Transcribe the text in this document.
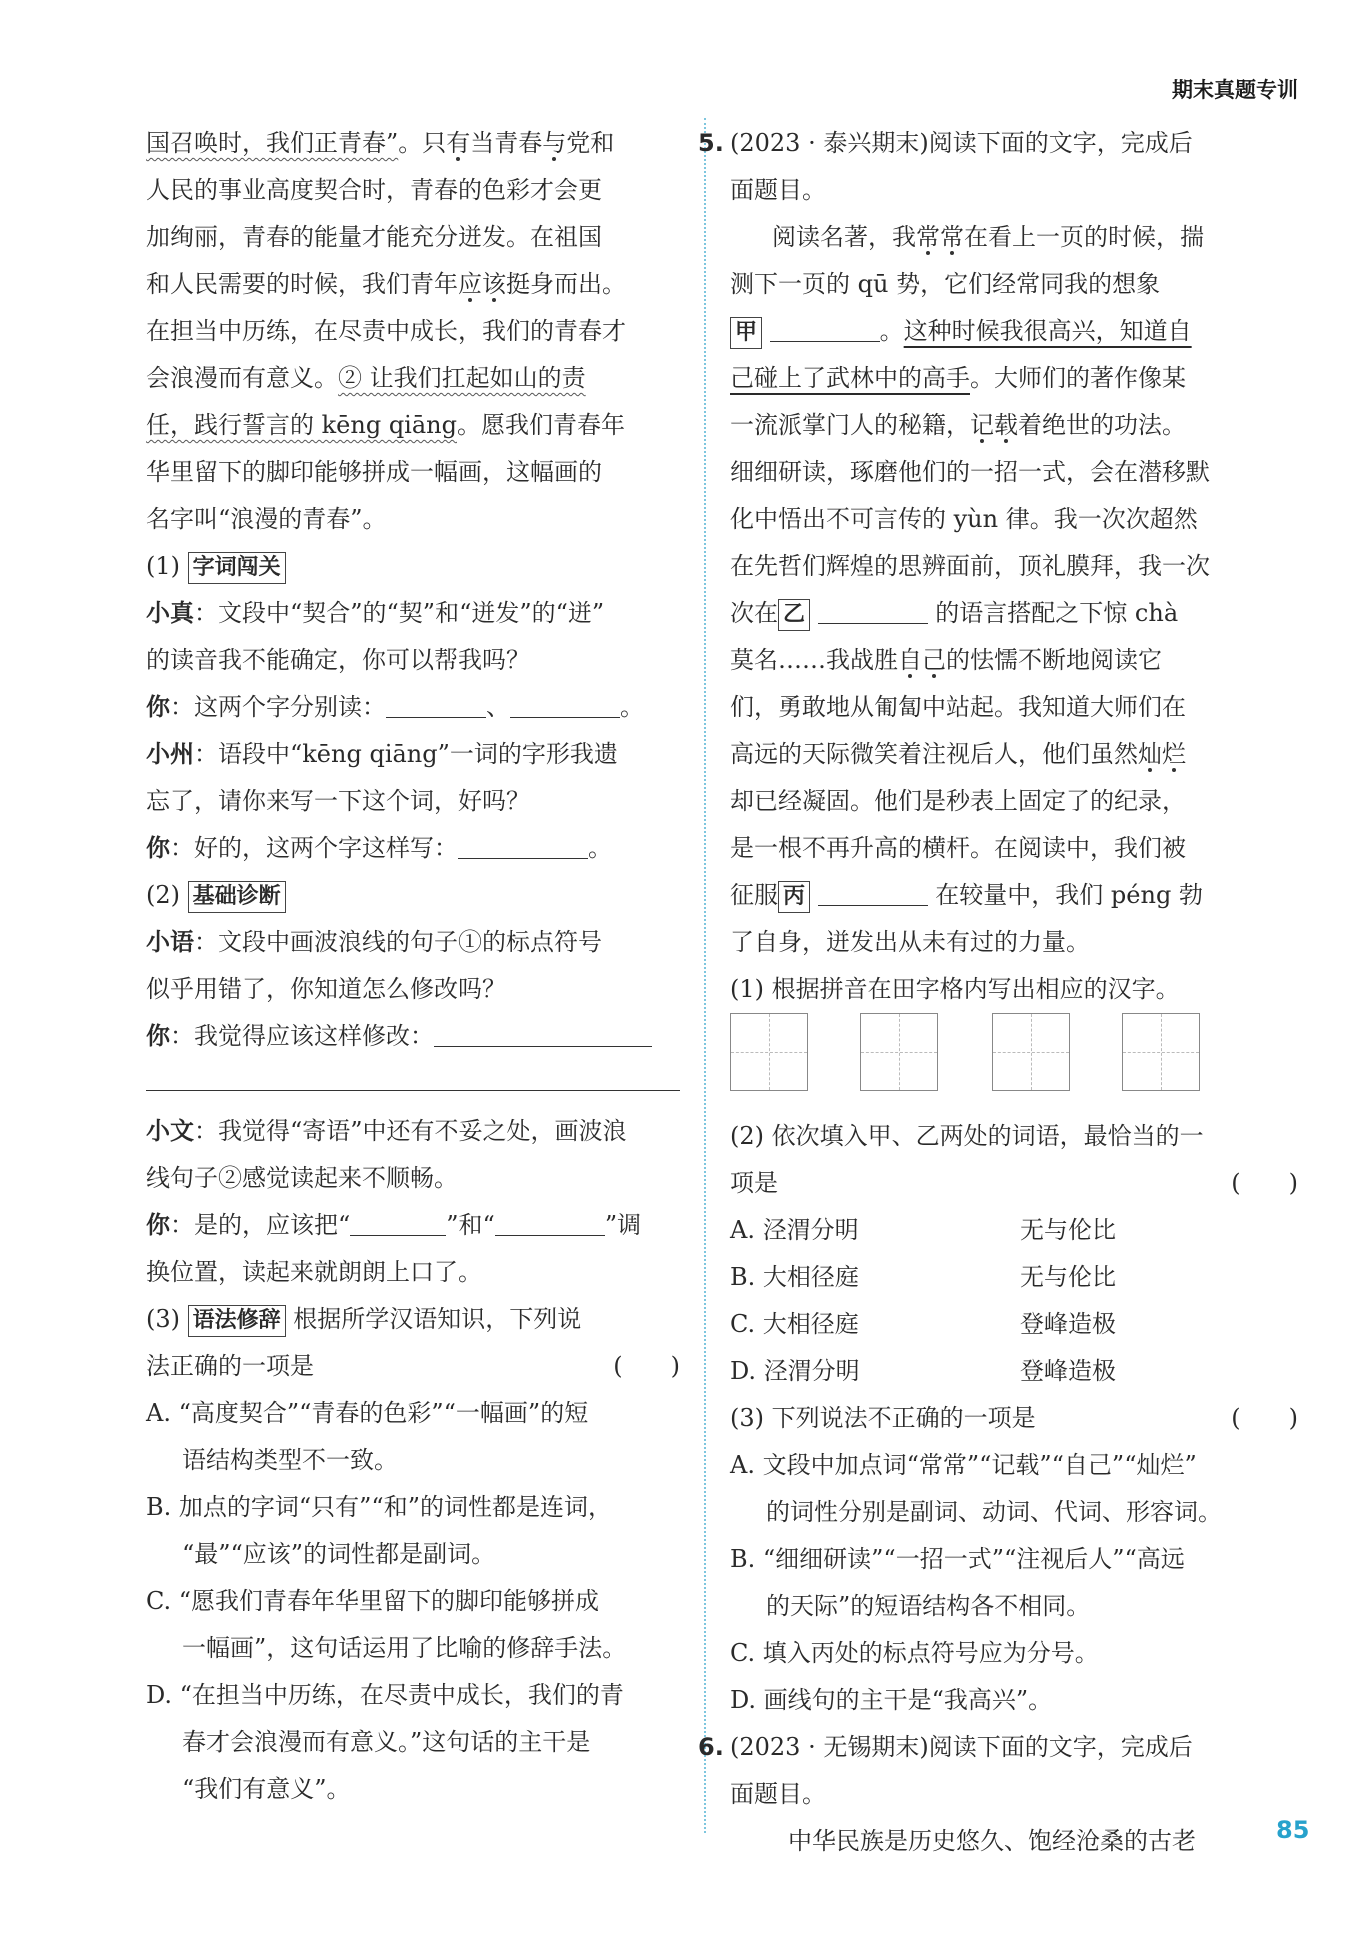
期末真题专训
国召唤时，我们正青春”。只有当青春与党和
人民的事业高度契合时，青春的色彩才会更
加绚丽，青春的能量才能充分迸发。在祖国
和人民需要的时候，我们青年应该挺身而出。
在担当中历练，在尽责中成长，我们的青春才
会浪漫而有意义。② 让我们扛起如山的责
任，践行誓言的 kēng qiāng。愿我们青春年
华里留下的脚印能够拼成一幅画，这幅画的
名字叫“浪漫的青春”。
(1) 字词闯关
小真：文段中“契合”的“契”和“迸发”的“迸”
的读音我不能确定，你可以帮我吗？
你：这两个字分别读：	、	。
小州：语段中“kēng qiāng”一词的字形我遗
忘了，请你来写一下这个词，好吗？
你：好的，这两个字这样写：	。
(2) 基础诊断
小语：文段中画波浪线的句子①的标点符号
似乎用错了，你知道怎么修改吗？
你：我觉得应该这样修改：
小文：我觉得“寄语”中还有不妥之处，画波浪
线句子②感觉读起来不顺畅。
你：是的，应该把“	”和“	”调
换位置，读起来就朗朗上口了。
(3) 语法修辞 根据所学汉语知识，下列说
法正确的一项是	(　　)
A. “高度契合”“青春的色彩”“一幅画”的短
语结构类型不一致。
B. 加点的字词“只有”“和”的词性都是连词，
“最”“应该”的词性都是副词。
C. “愿我们青春年华里留下的脚印能够拼成
一幅画”，这句话运用了比喻的修辞手法。
D. “在担当中历练，在尽责中成长，我们的青
春才会浪漫而有意义。”这句话的主干是
“我们有意义”。
5. (2023 · 泰兴期末)阅读下面的文字，完成后
面题目。
阅读名著，我常常在看上一页的时候，揣
测下一页的 qū 势，它们经常同我的想象
甲	。这种时候我很高兴，知道自
己碰上了武林中的高手。大师们的著作像某
一流派掌门人的秘籍，记载着绝世的功法。
细细研读，琢磨他们的一招一式，会在潜移默
化中悟出不可言传的 yùn 律。我一次次超然
在先哲们辉煌的思辨面前，顶礼膜拜，我一次
次在 乙	的语言搭配之下惊 chà
莫名……我战胜自己的怯懦不断地阅读它
们，勇敢地从匍匐中站起。我知道大师们在
高远的天际微笑着注视后人，他们虽然灿烂
却已经凝固。他们是秒表上固定了的纪录，
是一根不再升高的横杆。在阅读中，我们被
征服 丙	在较量中，我们 péng 勃
了自身，迸发出从未有过的力量。
(1) 根据拼音在田字格内写出相应的汉字。
(2) 依次填入甲、乙两处的词语，最恰当的一
项是	(　　)
A. 泾渭分明	无与伦比
B. 大相径庭	无与伦比
C. 大相径庭	登峰造极
D. 泾渭分明	登峰造极
(3) 下列说法不正确的一项是	(　　)
A. 文段中加点词“常常”“记载”“自己”“灿烂”
的词性分别是副词、动词、代词、形容词。
B. “细细研读”“一招一式”“注视后人”“高远
的天际”的短语结构各不相同。
C. 填入丙处的标点符号应为分号。
D. 画线句的主干是“我高兴”。
6. (2023 · 无锡期末)阅读下面的文字，完成后
面题目。
中华民族是历史悠久、饱经沧桑的古老	85
